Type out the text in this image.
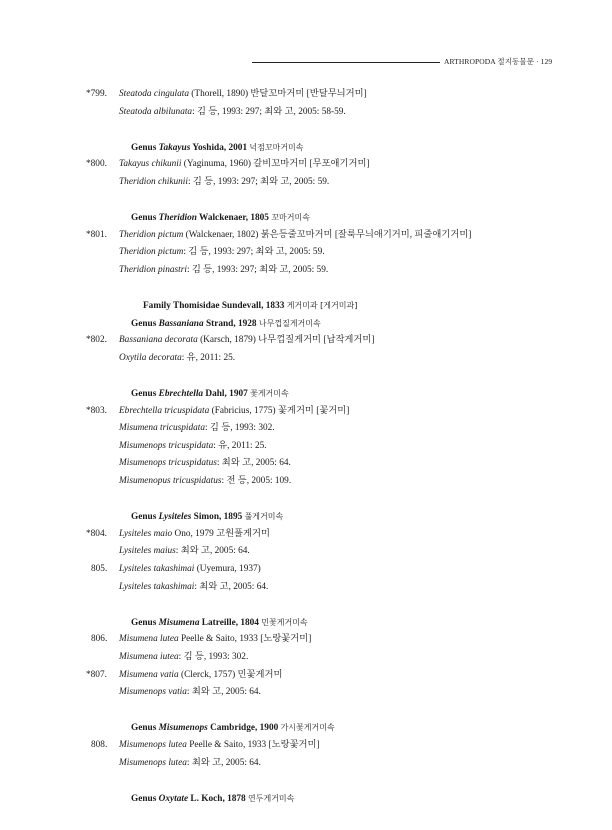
ARTHROPODA 절지동물문 · 129
*799. Steatoda cingulata (Thorell, 1890) 반달꼬마거미 [반달무늬거미]
Steatoda albilunata: 김 등, 1993: 297; 최와 고, 2005: 58-59.
Genus Takayus Yoshida, 2001 넉점꼬마거미속
*800. Takayus chikunii (Yaginuma, 1960) 갈비꼬마거미 [무포애기거미]
Theridion chikunii: 김 등, 1993: 297; 최와 고, 2005: 59.
Genus Theridion Walckenaer, 1805 꼬마거미속
*801. Theridion pictum (Walckenaer, 1802) 붉은등줄꼬마거미 [잘룩무늬애기거미, 피줄애기거미]
Theridion pictum: 김 등, 1993: 297; 최와 고, 2005: 59.
Theridion pinastri: 김 등, 1993: 297; 최와 고, 2005: 59.
Family Thomisidae Sundevall, 1833 게거미과 [게거미과]
Genus Bassaniana Strand, 1928 나무껍질게거미속
*802. Bassaniana decorata (Karsch, 1879) 나무껍질게거미 [납작게거미]
Oxytila decorata: 유, 2011: 25.
Genus Ebrechtella Dahl, 1907 꽃게거미속
*803. Ebrechtella tricuspidata (Fabricius, 1775) 꽃게거미 [꽃거미]
Misumena tricuspidata: 김 등, 1993: 302.
Misumenops tricuspidata: 유, 2011: 25.
Misumenops tricuspidatus: 최와 고, 2005: 64.
Misumenopus tricuspidatus: 전 등, 2005: 109.
Genus Lysiteles Simon, 1895 풀게거미속
*804. Lysiteles maio Ono, 1979 고원풀게거미
Lysiteles maius: 최와 고, 2005: 64.
805. Lysiteles takashimai (Uyemura, 1937)
Lysiteles takashimai: 최와 고, 2005: 64.
Genus Misumena Latreille, 1804 민꽃게거미속
806. Misumena lutea Peelle & Saito, 1933 [노랑꽃거미]
Misumena iutea: 김 등, 1993: 302.
*807. Misumena vatia (Clerck, 1757) 민꽃게거미
Misumenops vatia: 최와 고, 2005: 64.
Genus Misumenops Cambridge, 1900 가시꽃게거미속
808. Misumenops lutea Peelle & Saito, 1933 [노랑꽃거미]
Misumenops lutea: 최와 고, 2005: 64.
Genus Oxytate L. Koch, 1878 연두게거미속
